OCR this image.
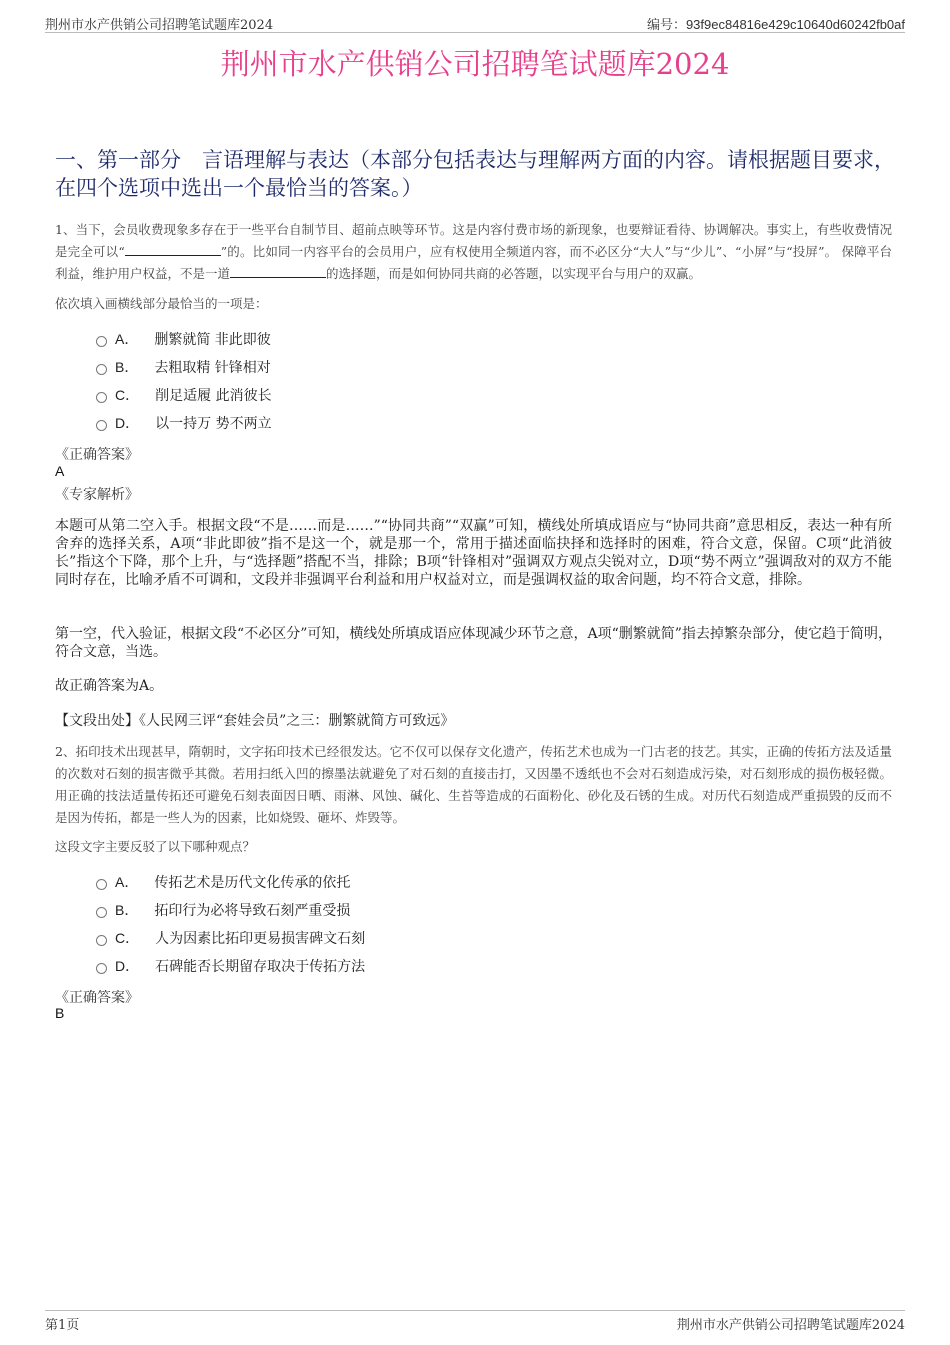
荆州市水产供销公司招聘笔试题库2024	编号：93f9ec84816e429c10640d60242fb0af
荆州市水产供销公司招聘笔试题库2024
一、第一部分　言语理解与表达（本部分包括表达与理解两方面的内容。请根据题目要求，在四个选项中选出一个最恰当的答案。）

1、当下，会员收费现象多存在于一些平台自制节目、超前点映等环节。这是内容付费市场的新现象，也要辩证看待、协调解决。事实上，有些收费情况是完全可以“	”的。比如同一内容平台的会员用户，应有权使用全频道内容，而不必区分“大人”与“少儿”、“小屏”与“投屏”。 保障平台利益，维护用户权益，不是一道	的选择题，而是如何协同共商的必答题，以实现平台与用户的双赢。

依次填入画横线部分最恰当的一项是：

A． 删繁就简 非此即彼
B． 去粗取精 针锋相对
C． 削足适履 此消彼长
D． 以一持万 势不两立

《正确答案》

A

《专家解析》

本题可从第二空入手。根据文段“不是……而是……”“协同共商”“双赢”可知，横线处所填成语应与“协同共商”意思相反，表达一种有所舍弃的选择关系，A项“非此即彼”指不是这一个，就是那一个，常用于描述面临抉择和选择时的困难，符合文意，保留。C项“此消彼长”指这个下降，那个上升，与“选择题”搭配不当，排除；B项“针锋相对”强调双方观点尖锐对立，D项“势不两立”强调敌对的双方不能同时存在，比喻矛盾不可调和，文段并非强调平台利益和用户权益对立，而是强调权益的取舍问题，均不符合文意，排除。

第一空，代入验证，根据文段“不必区分”可知，横线处所填成语应体现减少环节之意，A项“删繁就简”指去掉繁杂部分，使它趋于简明，符合文意，当选。

故正确答案为A。

【文段出处】《人民网三评“套娃会员”之三：删繁就简方可致远》

2、拓印技术出现甚早，隋朝时，文字拓印技术已经很发达。它不仅可以保存文化遗产，传拓艺术也成为一门古老的技艺。其实，正确的传拓方法及适量的次数对石刻的损害微乎其微。若用扫纸入凹的擦墨法就避免了对石刻的直接击打，又因墨不透纸也不会对石刻造成污染，对石刻形成的损伤极轻微。用正确的技法适量传拓还可避免石刻表面因日晒、雨淋、风蚀、碱化、生苔等造成的石面粉化、砂化及石锈的生成。对历代石刻造成严重损毁的反而不是因为传拓，都是一些人为的因素，比如烧毁、砸坏、炸毁等。

这段文字主要反驳了以下哪种观点？

A． 传拓艺术是历代文化传承的依托
B． 拓印行为必将导致石刻严重受损
C． 人为因素比拓印更易损害碑文石刻
D． 石碑能否长期留存取决于传拓方法

《正确答案》

B

第1页	荆州市水产供销公司招聘笔试题库2024
